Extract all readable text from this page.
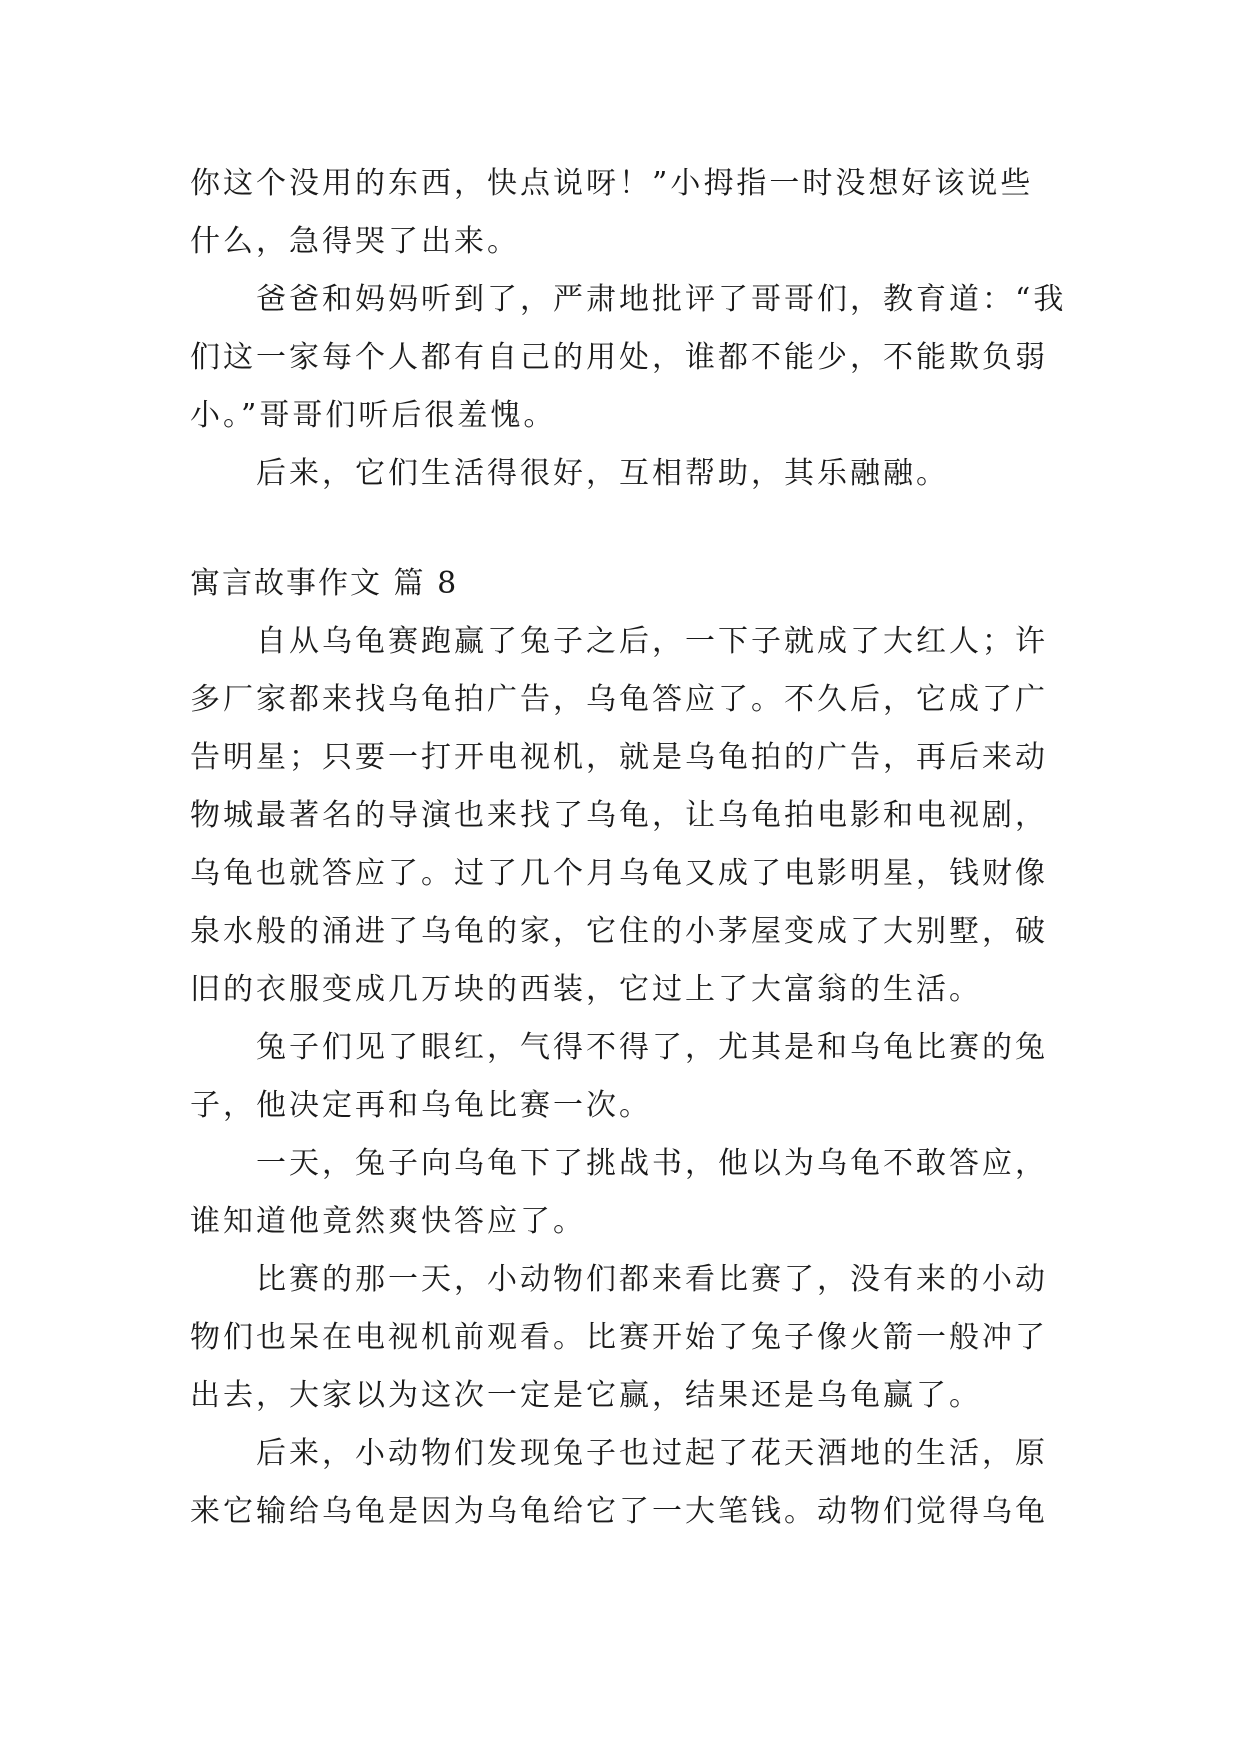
你这个没用的东西，快点说呀！”小拇指一时没想好该说些
什么，急得哭了出来。
爸爸和妈妈听到了，严肃地批评了哥哥们，教育道：“我
们这一家每个人都有自己的用处，谁都不能少，不能欺负弱
小。”哥哥们听后很羞愧。
后来，它们生活得很好，互相帮助，其乐融融。
寓言故事作文 篇 8
自从乌龟赛跑赢了兔子之后，一下子就成了大红人；许
多厂家都来找乌龟拍广告，乌龟答应了。不久后，它成了广
告明星；只要一打开电视机，就是乌龟拍的广告，再后来动
物城最著名的导演也来找了乌龟，让乌龟拍电影和电视剧，
乌龟也就答应了。过了几个月乌龟又成了电影明星，钱财像
泉水般的涌进了乌龟的家，它住的小茅屋变成了大别墅，破
旧的衣服变成几万块的西装，它过上了大富翁的生活。
兔子们见了眼红，气得不得了，尤其是和乌龟比赛的兔
子，他决定再和乌龟比赛一次。
一天，兔子向乌龟下了挑战书，他以为乌龟不敢答应，
谁知道他竟然爽快答应了。
比赛的那一天，小动物们都来看比赛了，没有来的小动
物们也呆在电视机前观看。比赛开始了兔子像火箭一般冲了
出去，大家以为这次一定是它赢，结果还是乌龟赢了。
后来，小动物们发现兔子也过起了花天酒地的生活，原
来它输给乌龟是因为乌龟给它了一大笔钱。动物们觉得乌龟
